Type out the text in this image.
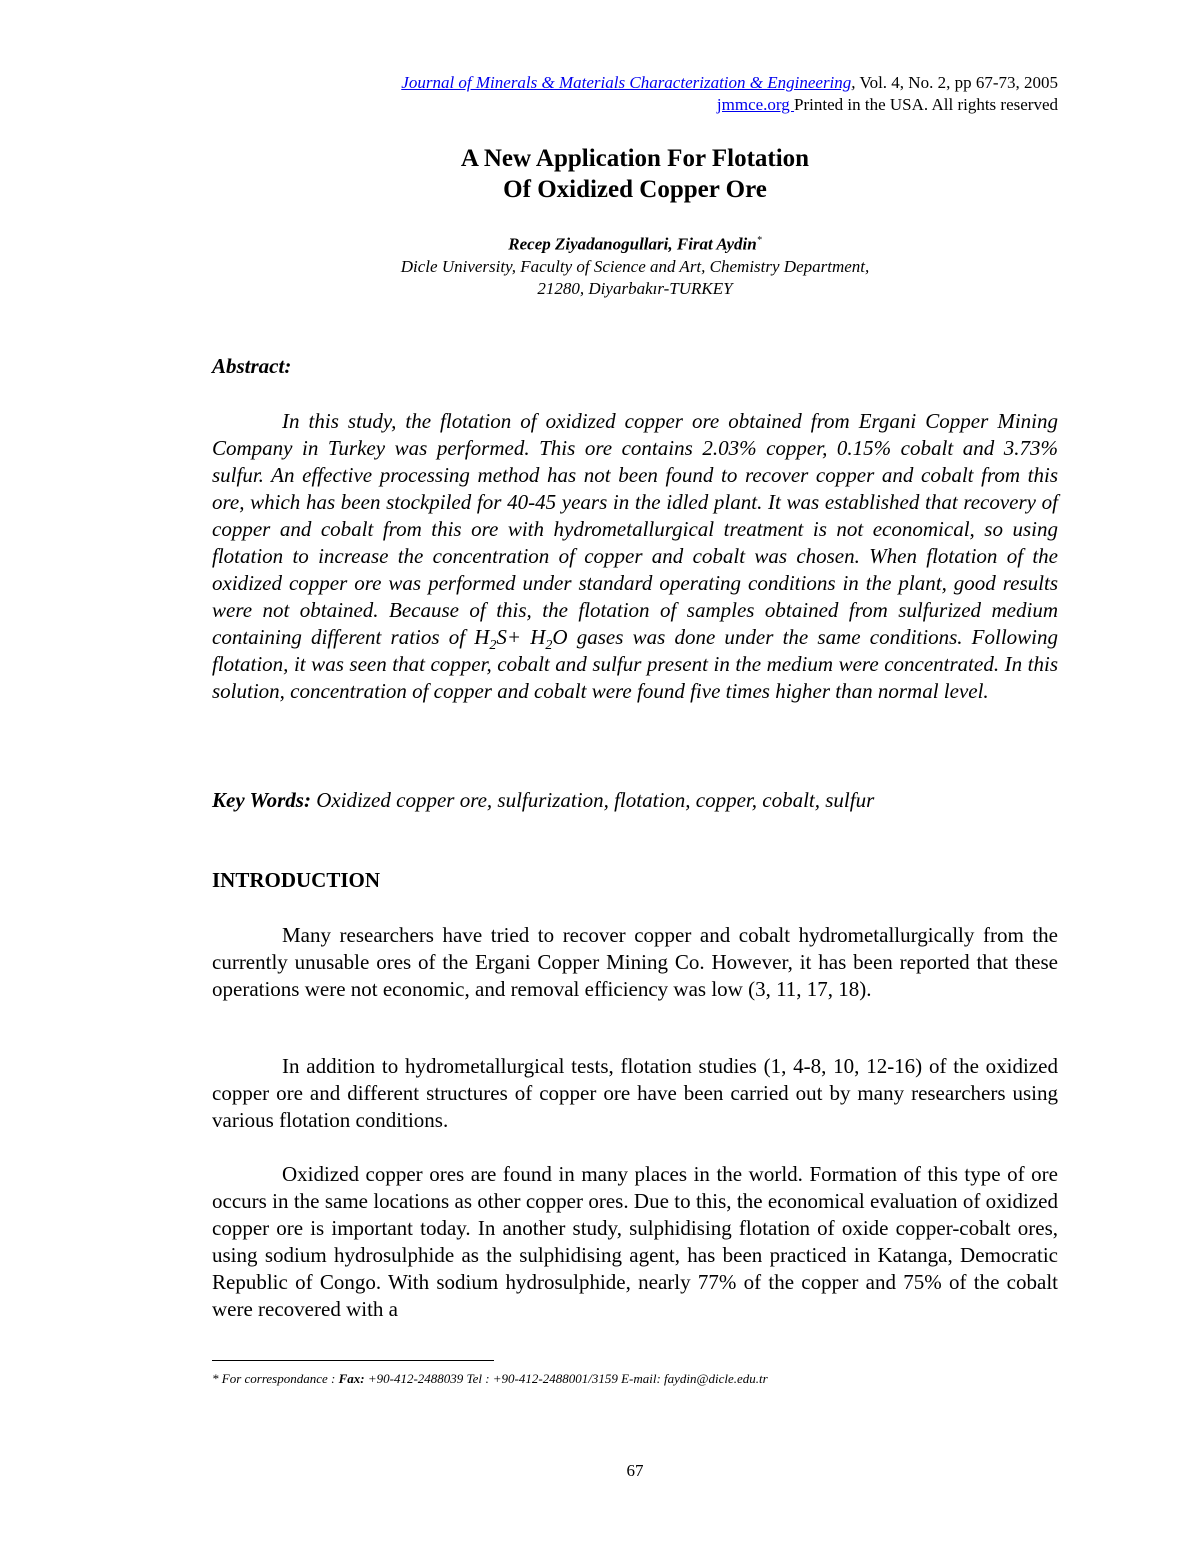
Journal of Minerals & Materials Characterization & Engineering, Vol. 4, No. 2, pp 67-73, 2005
jmmce.org Printed in the USA. All rights reserved
A New Application For Flotation
Of Oxidized Copper Ore
Recep Ziyadanogullari, Firat Aydin*
Dicle University, Faculty of Science and Art, Chemistry Department,
21280, Diyarbakır-TURKEY
Abstract:

In this study, the flotation of oxidized copper ore obtained from Ergani Copper Mining Company in Turkey was performed. This ore contains 2.03% copper, 0.15% cobalt and 3.73% sulfur. An effective processing method has not been found to recover copper and cobalt from this ore, which has been stockpiled for 40-45 years in the idled plant. It was established that recovery of copper and cobalt from this ore with hydrometallurgical treatment is not economical, so using flotation to increase the concentration of copper and cobalt was chosen. When flotation of the oxidized copper ore was performed under standard operating conditions in the plant, good results were not obtained. Because of this, the flotation of samples obtained from sulfurized medium containing different ratios of $H_2S+ H_2O$ gases was done under the same conditions. Following flotation, it was seen that copper, cobalt and sulfur present in the medium were concentrated. In this solution, concentration of copper and cobalt were found five times higher than normal level.

Key Words: Oxidized copper ore, sulfurization, flotation, copper, cobalt, sulfur

INTRODUCTION

Many researchers have tried to recover copper and cobalt hydrometallurgically from the currently unusable ores of the Ergani Copper Mining Co. However, it has been reported that these operations were not economic, and removal efficiency was low (3, 11, 17, 18).

In addition to hydrometallurgical tests, flotation studies (1, 4-8, 10, 12-16) of the oxidized copper ore and different structures of copper ore have been carried out by many researchers using various flotation conditions.

Oxidized copper ores are found in many places in the world. Formation of this type of ore occurs in the same locations as other copper ores. Due to this, the economical evaluation of oxidized copper ore is important today. In another study, sulphidising flotation of oxide copper-cobalt ores, using sodium hydrosulphide as the sulphidising agent, has been practiced in Katanga, Democratic Republic of Congo. With sodium hydrosulphide, nearly 77% of the copper and 75% of the cobalt were recovered with a

* For correspondance : Fax: +90-412-2488039 Tel : +90-412-2488001/3159 E-mail: faydin@dicle.edu.tr
67
